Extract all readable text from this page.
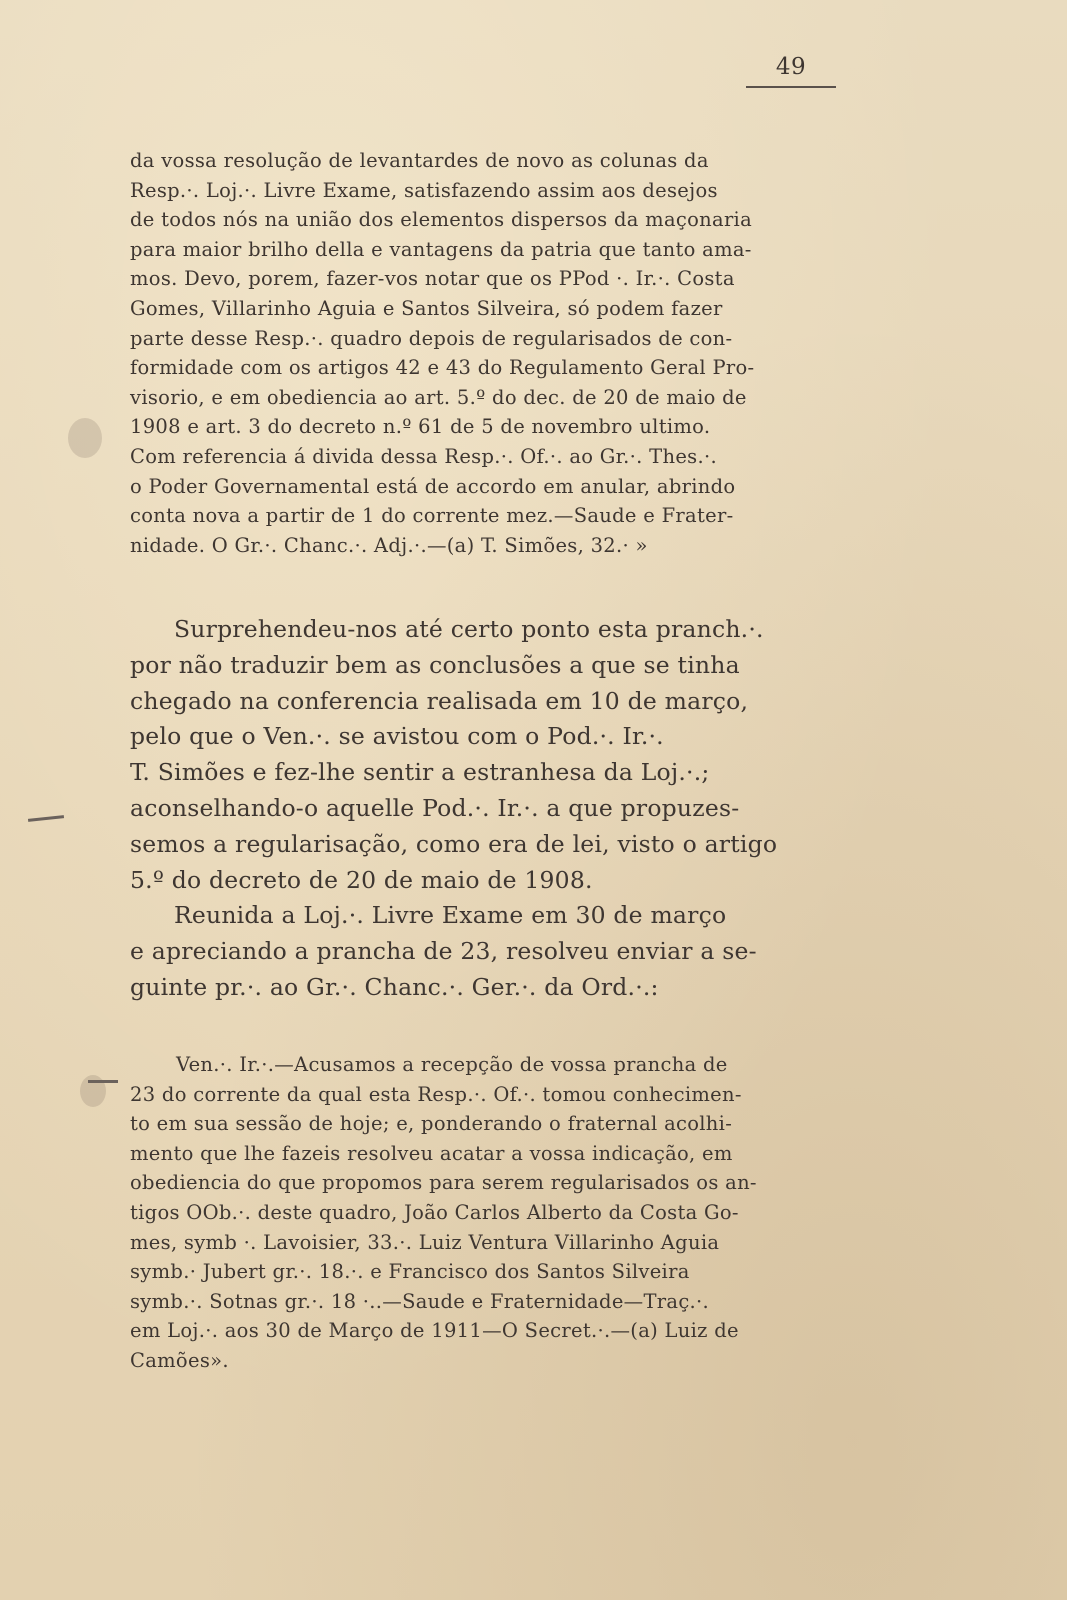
49
da vossa resolução de levantardes de novo as colunas da
Resp.·. Loj.·. Livre Exame, satisfazendo assim aos desejos
de todos nós na união dos elementos dispersos da maçonaria
para maior brilho della e vantagens da patria que tanto ama-
mos. Devo, porem, fazer-vos notar que os PPod ·. Ir.·. Costa
Gomes, Villarinho Aguia e Santos Silveira, só podem fazer
parte desse Resp.·. quadro depois de regularisados de con-
formidade com os artigos 42 e 43 do Regulamento Geral Pro-
visorio, e em obediencia ao art. 5.º do dec. de 20 de maio de
1908 e art. 3 do decreto n.º 61 de 5 de novembro ultimo.
Com referencia á divida dessa Resp.·. Of.·. ao Gr.·. Thes.·.
o Poder Governamental está de accordo em anular, abrindo
conta nova a partir de 1 do corrente mez.—Saude e Frater-
nidade. O Gr.·. Chanc.·. Adj.·.—(a) T. Simões, 32.· »
Surprehendeu-nos até certo ponto esta pranch.·.
por não traduzir bem as conclusões a que se tinha
chegado na conferencia realisada em 10 de março,
pelo que o Ven.·. se avistou com o Pod.·. Ir.·.
T. Simões e fez-lhe sentir a estranhesa da Loj.·.;
aconselhando-o aquelle Pod.·. Ir.·. a que propuzes-
semos a regularisação, como era de lei, visto o artigo
5.º do decreto de 20 de maio de 1908.
Reunida a Loj.·. Livre Exame em 30 de março
e apreciando a prancha de 23, resolveu enviar a se-
guinte pr.·. ao Gr.·. Chanc.·. Ger.·. da Ord.·.:
Ven.·. Ir.·.—Acusamos a recepção de vossa prancha de
23 do corrente da qual esta Resp.·. Of.·. tomou conhecimen-
to em sua sessão de hoje; e, ponderando o fraternal acolhi-
mento que lhe fazeis resolveu acatar a vossa indicação, em
obediencia do que propomos para serem regularisados os an-
tigos OOb.·. deste quadro, João Carlos Alberto da Costa Go-
mes, symb ·. Lavoisier, 33.·. Luiz Ventura Villarinho Aguia
symb.· Jubert gr.·. 18.·. e Francisco dos Santos Silveira
symb.·. Sotnas gr.·. 18 ·..—Saude e Fraternidade—Traç.·.
em Loj.·. aos 30 de Março de 1911—O Secret.·.—(a) Luiz de
Camões».
